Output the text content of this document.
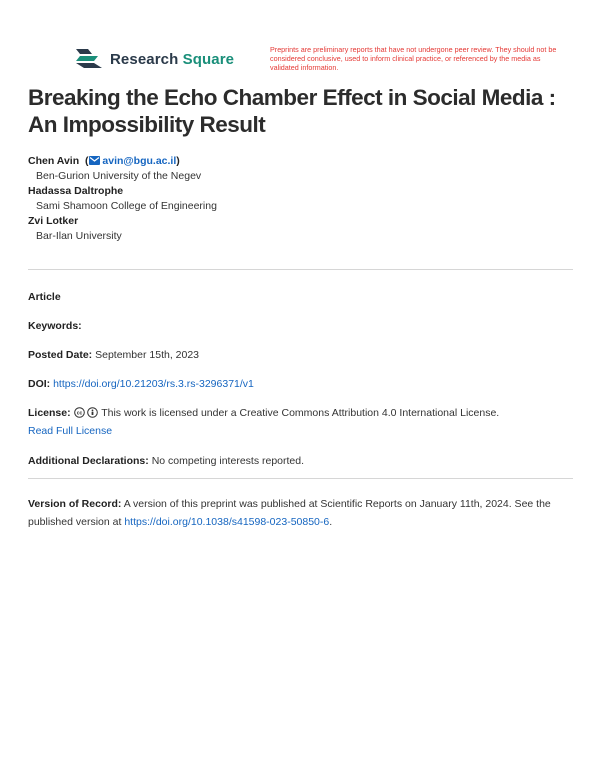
Research Square
Preprints are preliminary reports that have not undergone peer review. They should not be considered conclusive, used to inform clinical practice, or referenced by the media as validated information.
Breaking the Echo Chamber Effect in Social Media : An Impossibility Result
Chen Avin  ( avin@bgu.ac.il)
Ben-Gurion University of the Negev
Hadassa Daltrophe
Sami Shamoon College of Engineering
Zvi Lotker
Bar-Ilan University
Article
Keywords:
Posted Date: September 15th, 2023
DOI: https://doi.org/10.21203/rs.3.rs-3296371/v1
License: cc This work is licensed under a Creative Commons Attribution 4.0 International License.
Read Full License
Additional Declarations: No competing interests reported.
Version of Record: A version of this preprint was published at Scientific Reports on January 11th, 2024. See the published version at https://doi.org/10.1038/s41598-023-50850-6.
